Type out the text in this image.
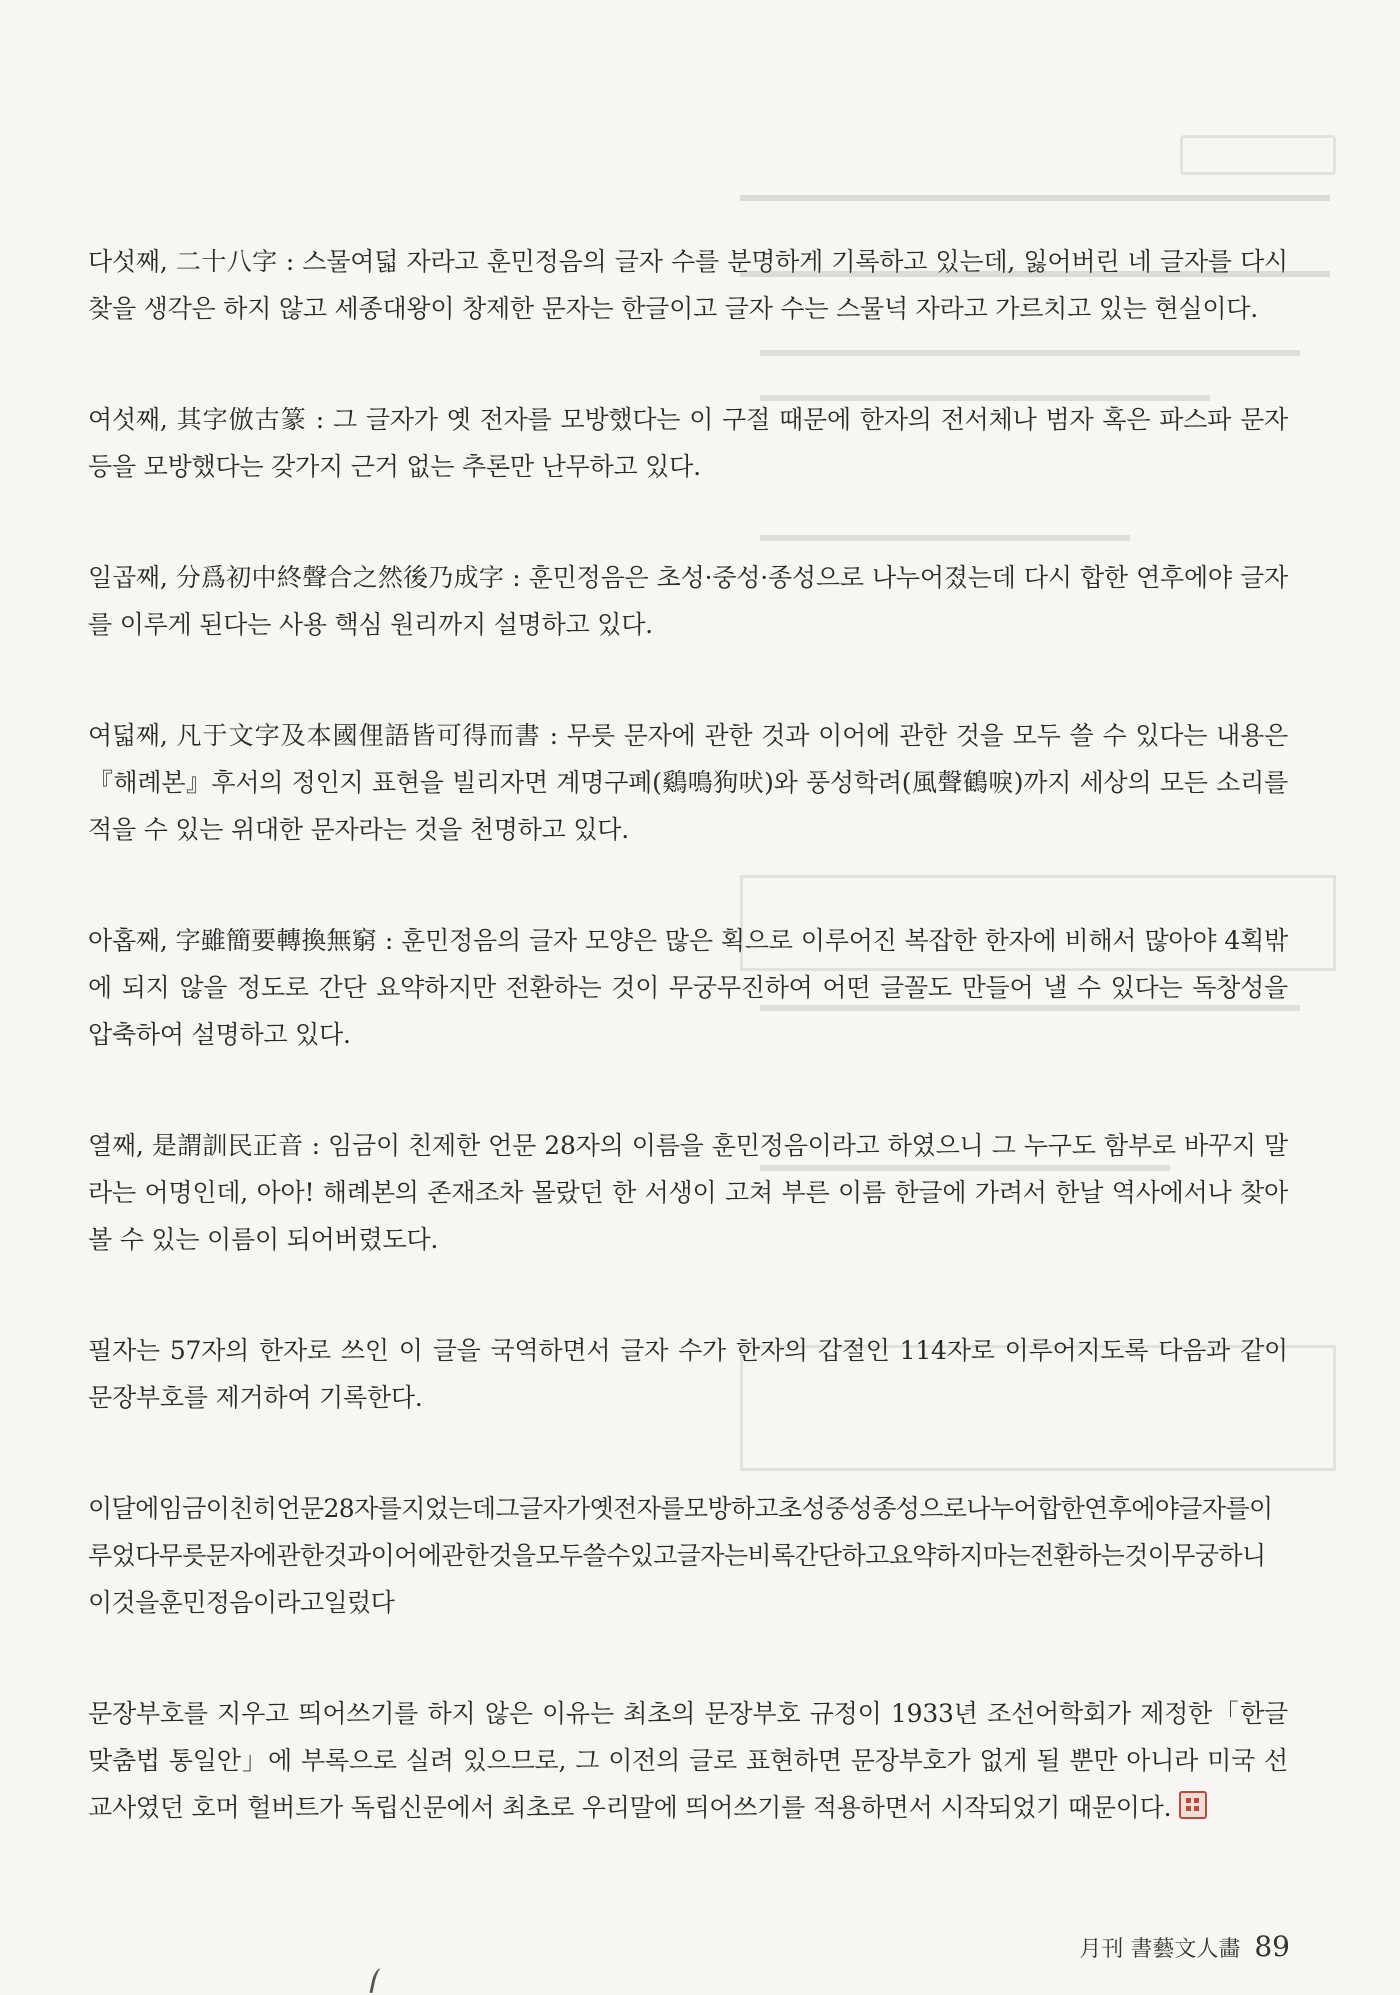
다섯째, 二十八字 : 스물여덟 자라고 훈민정음의 글자 수를 분명하게 기록하고 있는데, 잃어버린 네 글자를 다시 찾을 생각은 하지 않고 세종대왕이 창제한 문자는 한글이고 글자 수는 스물넉 자라고 가르치고 있는 현실이다.

여섯째, 其字倣古篆 : 그 글자가 옛 전자를 모방했다는 이 구절 때문에 한자의 전서체나 범자 혹은 파스파 문자 등을 모방했다는 갖가지 근거 없는 추론만 난무하고 있다.

일곱째, 分爲初中終聲合之然後乃成字 : 훈민정음은 초성·중성·종성으로 나누어졌는데 다시 합한 연후에야 글자를 이루게 된다는 사용 핵심 원리까지 설명하고 있다.

여덟째, 凡于文字及本國俚語皆可得而書 : 무릇 문자에 관한 것과 이어에 관한 것을 모두 쓸 수 있다는 내용은『해례본』후서의 정인지 표현을 빌리자면 계명구폐(鷄鳴狗吠)와 풍성학려(風聲鶴唳)까지 세상의 모든 소리를 적을 수 있는 위대한 문자라는 것을 천명하고 있다.

아홉째, 字雖簡要轉換無窮 : 훈민정음의 글자 모양은 많은 획으로 이루어진 복잡한 한자에 비해서 많아야 4획밖에 되지 않을 정도로 간단 요약하지만 전환하는 것이 무궁무진하여 어떤 글꼴도 만들어 낼 수 있다는 독창성을 압축하여 설명하고 있다.

열째, 是謂訓民正音 : 임금이 친제한 언문 28자의 이름을 훈민정음이라고 하였으니 그 누구도 함부로 바꾸지 말라는 어명인데, 아아! 해례본의 존재조차 몰랐던 한 서생이 고쳐 부른 이름 한글에 가려서 한날 역사에서나 찾아볼 수 있는 이름이 되어버렸도다.

필자는 57자의 한자로 쓰인 이 글을 국역하면서 글자 수가 한자의 갑절인 114자로 이루어지도록 다음과 같이 문장부호를 제거하여 기록한다.

이달에임금이친히언문28자를지었는데그글자가옛전자를모방하고초성중성종성으로나누어합한연후에야글자를이루었다무릇문자에관한것과이어에관한것을모두쓸수있고글자는비록간단하고요약하지마는전환하는것이무궁하니이것을훈민정음이라고일렀다

문장부호를 지우고 띄어쓰기를 하지 않은 이유는 최초의 문장부호 규정이 1933년 조선어학회가 제정한「한글 맞춤법 통일안」에 부록으로 실려 있으므로, 그 이전의 글로 표현하면 문장부호가 없게 될 뿐만 아니라 미국 선교사였던 호머 헐버트가 독립신문에서 최초로 우리말에 띄어쓰기를 적용하면서 시작되었기 때문이다.

月刊 書藝文人畵 89
